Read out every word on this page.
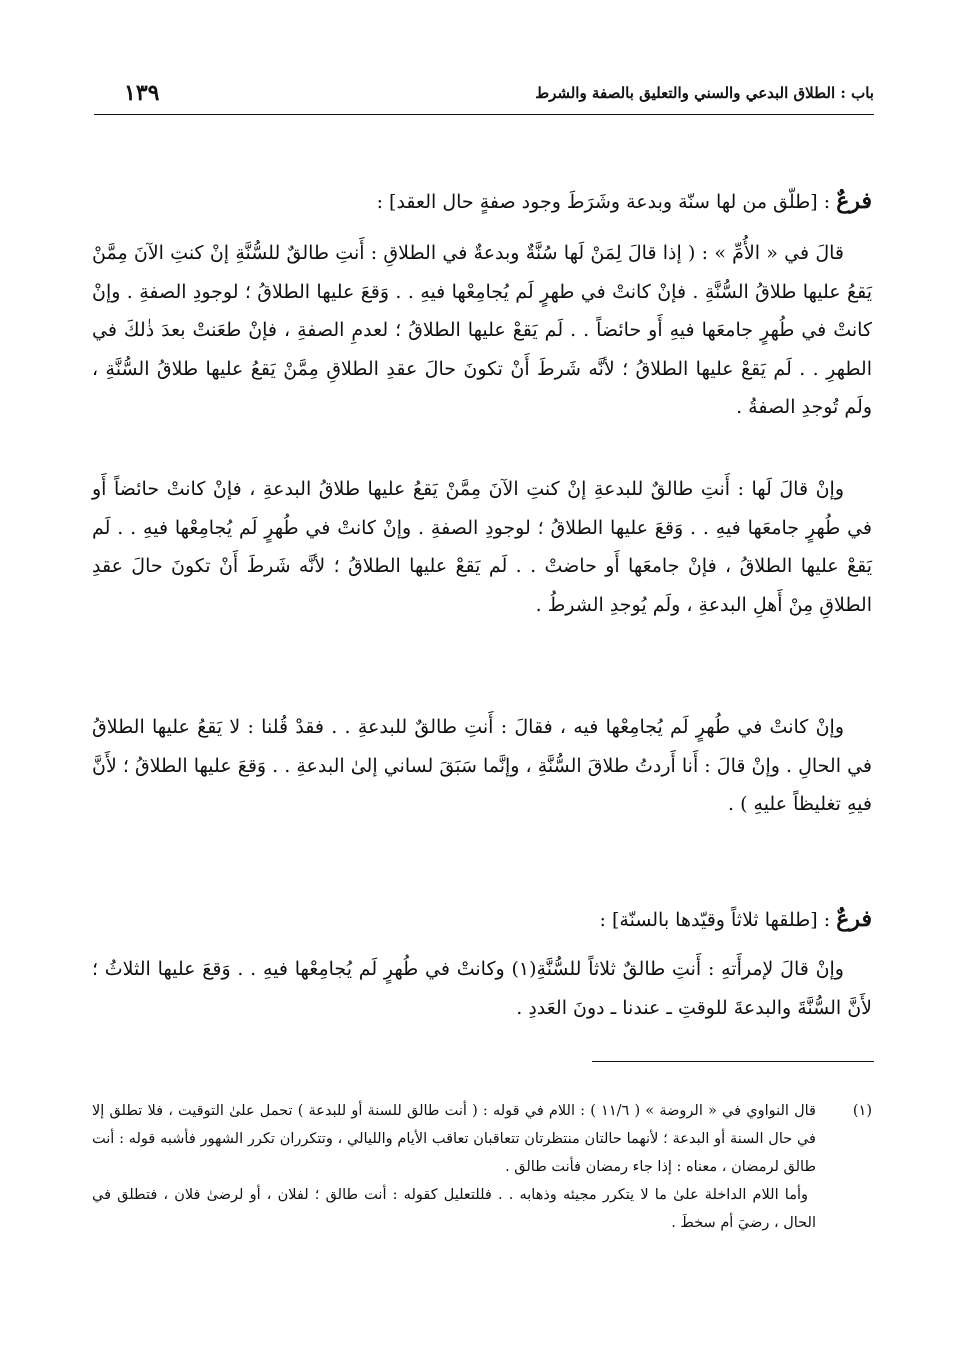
باب : الطلاق البدعي والسني والتعليق بالصفة والشرط
١٣٩
فرعٌ : [طلّق من لها سنّة وبدعة وشَرَطَ وجود صفةٍ حال العقد] :
قالَ في « الأُمِّ » : ( إذا قالَ لِمَنْ لَها سُنَّةٌ وبدعةٌ في الطلاقِ : أَنتِ طالقٌ للسُّنَّةِ إنْ كنتِ الآنَ مِمَّنْ يَقعُ عليها طلاقُ السُّنَّةِ . فإنْ كانتْ في طهرٍ لَم يُجامِعْها فيهِ . . وَقعَ عليها الطلاقُ ؛ لوجودِ الصفةِ . وإنْ كانتْ في طُهرٍ جامعَها فيهِ أَو حائضاً . . لَم يَقعْ عليها الطلاقُ ؛ لعدمِ الصفةِ ، فإنْ طعَنتْ بعدَ ذٰلكَ في الطهرِ . . لَم يَقعْ عليها الطلاقُ ؛ لأنَّه شَرطَ أَنْ تكونَ حالَ عقدِ الطلاقِ مِمَّنْ يَقعُ عليها طلاقُ السُّنَّةِ ، ولَم تُوجدِ الصفةُ .
وإنْ قالَ لَها : أَنتِ طالقٌ للبدعةِ إنْ كنتِ الآنَ مِمَّنْ يَقعُ عليها طلاقُ البدعةِ ، فإنْ كانتْ حائضاً أَو في طُهرٍ جامعَها فيهِ . . وَقعَ عليها الطلاقُ ؛ لوجودِ الصفةِ . وإنْ كانتْ في طُهرٍ لَم يُجامِعْها فيهِ . . لَم يَقعْ عليها الطلاقُ ، فإنْ جامعَها أَو حاضتْ . . لَم يَقعْ عليها الطلاقُ ؛ لأنَّه شَرطَ أَنْ تكونَ حالَ عقدِ الطلاقِ مِنْ أَهلِ البدعةِ ، ولَم يُوجدِ الشرطُ .
وإنْ كانتْ في طُهرٍ لَم يُجامِعْها فيه ، فقالَ : أَنتِ طالقٌ للبدعةِ . . فقدْ قُلنا : لا يَقعُ عليها الطلاقُ في الحالِ . وإنْ قالَ : أَنا أَردتُ طلاقَ السُّنَّةِ ، وإنَّما سَبَقَ لساني إلىٰ البدعةِ . . وَقعَ عليها الطلاقُ ؛ لأَنَّ فيهِ تغليظاً عليهِ ) .
فرعٌ : [طلقها ثلاثاً وقيّدها بالسنّة] :
وإنْ قالَ لإمرأَتهِ : أَنتِ طالقٌ ثلاثاً للسُّنَّةِ(١) وكانتْ في طُهرٍ لَم يُجامِعْها فيهِ . . وَقعَ عليها الثلاثُ ؛ لأَنَّ السُّنَّةَ والبدعةَ للوقتِ ـ عندنا ـ دونَ العَددِ .
(١)
قال النواوي في « الروضة » ( ١١/٦ ) : اللام في قوله : ( أنت طالق للسنة أو للبدعة ) تحمل علىٰ التوقيت ، فلا تطلق إلا في حال السنة أو البدعة ؛ لأنهما حالتان منتظرتان تتعاقبان تعاقب الأيام والليالي ، وتتكرران تكرر الشهور فأشبه قوله : أنت طالق لرمضان ، معناه : إذا جاء رمضان فأنت طالق .
وأما اللام الداخلة علىٰ ما لا يتكرر مجيئه وذهابه . . فللتعليل كقوله : أنت طالق ؛ لفلان ، أو لرضىٰ فلان ، فتطلق في الحال ، رضيَ أم سخطَ .
